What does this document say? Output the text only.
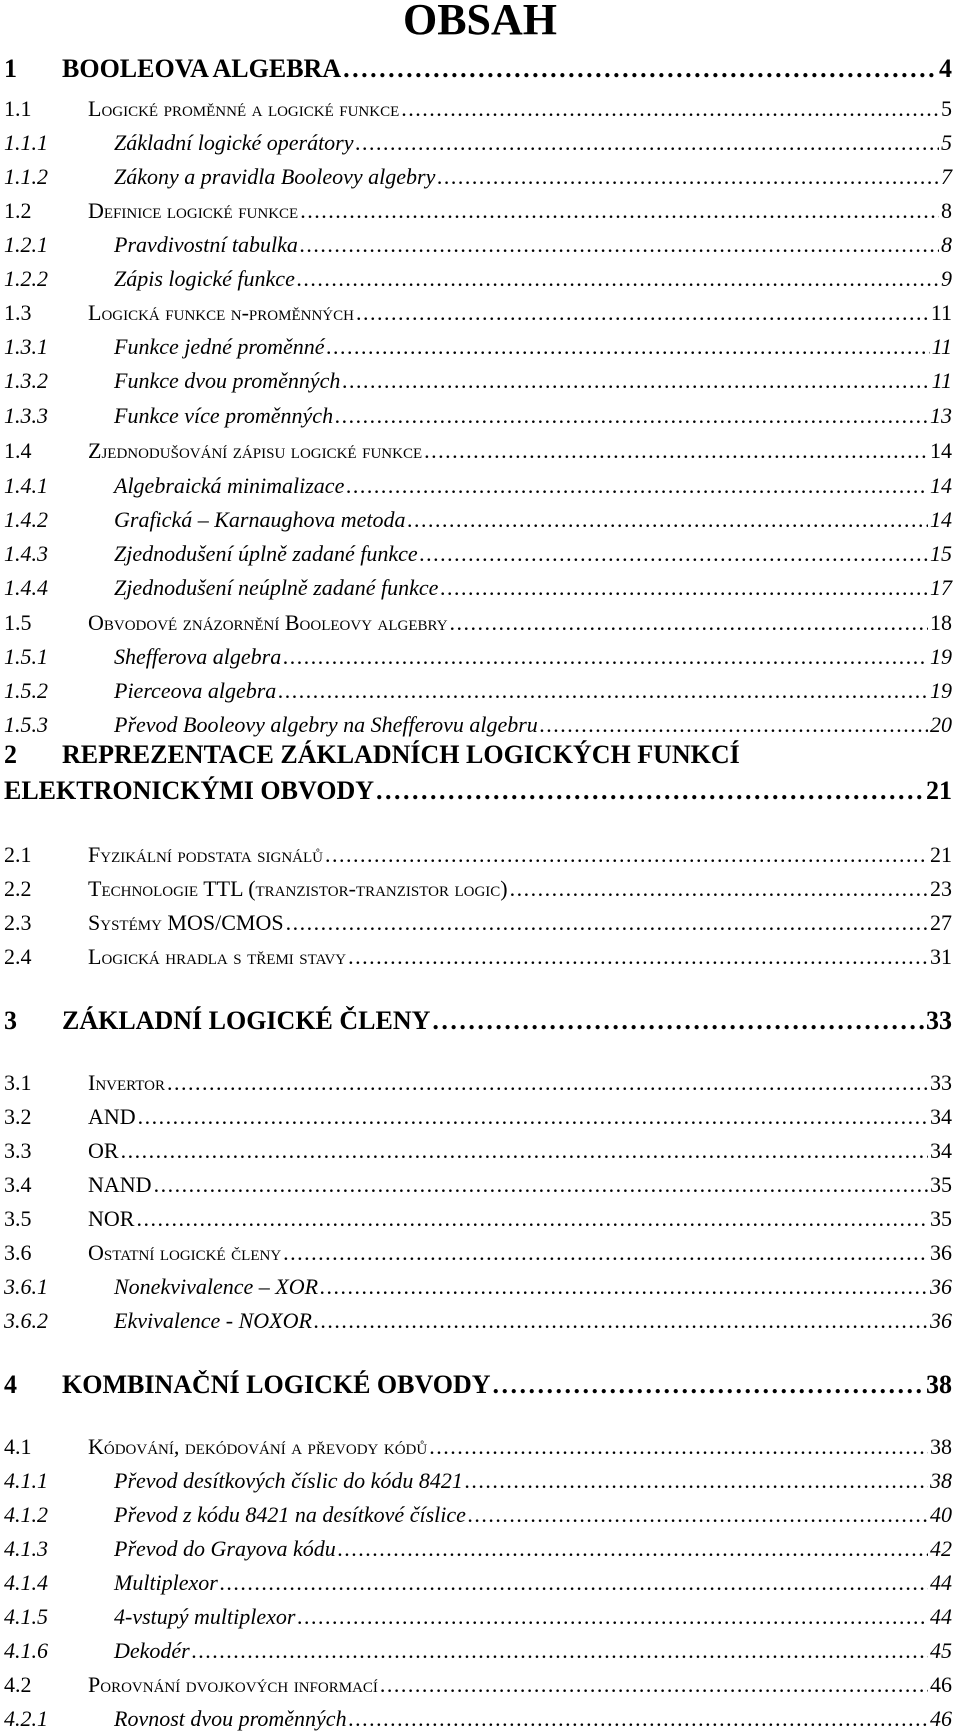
OBSAH
1	BOOLEOVA ALGEBRA . . .	4
1.1	Logické proměnné a logické funkce . . .	5
1.1.1	Základní logické operátory . . .	5
1.1.2	Zákony a pravidla Booleovy algebry . . .	7
1.2	Definice logické funkce . . .	8
1.2.1	Pravdivostní tabulka . . .	8
1.2.2	Zápis logické funkce . . .	9
1.3	Logická funkce n-proměnných . . .	11
1.3.1	Funkce jedné proměnné . . .	11
1.3.2	Funkce dvou proměnných . . .	11
1.3.3	Funkce více proměnných . . .	13
1.4	Zjednodušování zápisu logické funkce . . .	14
1.4.1	Algebraická minimalizace . . .	14
1.4.2	Grafická – Karnaughova metoda . . .	14
1.4.3	Zjednodušení úplně zadané funkce . . .	15
1.4.4	Zjednodušení neúplně zadané funkce . . .	17
1.5	Obvodové znázornění Booleovy algebry . . .	18
1.5.1	Shefferova algebra . . .	19
1.5.2	Pierceova algebra . . .	19
1.5.3	Převod Booleovy algebry na Shefferovu algebru . . .	20
2 REPREZENTACE ZÁKLADNÍCH LOGICKÝCH FUNKCÍ
ELEKTRONICKÝMI OBVODY . . .	21
2.1	Fyzikální podstata signálů . . .	21
2.2	Technologie TTL (tranzistor-tranzistor logic) . . .	23
2.3	Systémy MOS/CMOS . . .	27
2.4	Logická hradla s třemi stavy . . .	31
3	ZÁKLADNÍ LOGICKÉ ČLENY . . .	33
3.1	Invertor . . .	33
3.2	AND . . .	34
3.3	OR . . .	34
3.4	NAND . . .	35
3.5	NOR . . .	35
3.6	Ostatní logické členy . . .	36
3.6.1	Nonekvivalence – XOR . . .	36
3.6.2	Ekvivalence - NOXOR . . .	36
4	KOMBINAČNÍ LOGICKÉ OBVODY . . .	38
4.1	Kódování, dekódování a převody kódů . . .	38
4.1.1	Převod desítkových číslic do kódu 8421 . . .	38
4.1.2	Převod z kódu 8421 na desítkové číslice . . .	40
4.1.3	Převod do Grayova kódu . . .	42
4.1.4	Multiplexor . . .	44
4.1.5	4-vstupý multiplexor . . .	44
4.1.6	Dekodér . . .	45
4.2	Porovnání dvojkových informací . . .	46
4.2.1	Rovnost dvou proměnných . . .	46
